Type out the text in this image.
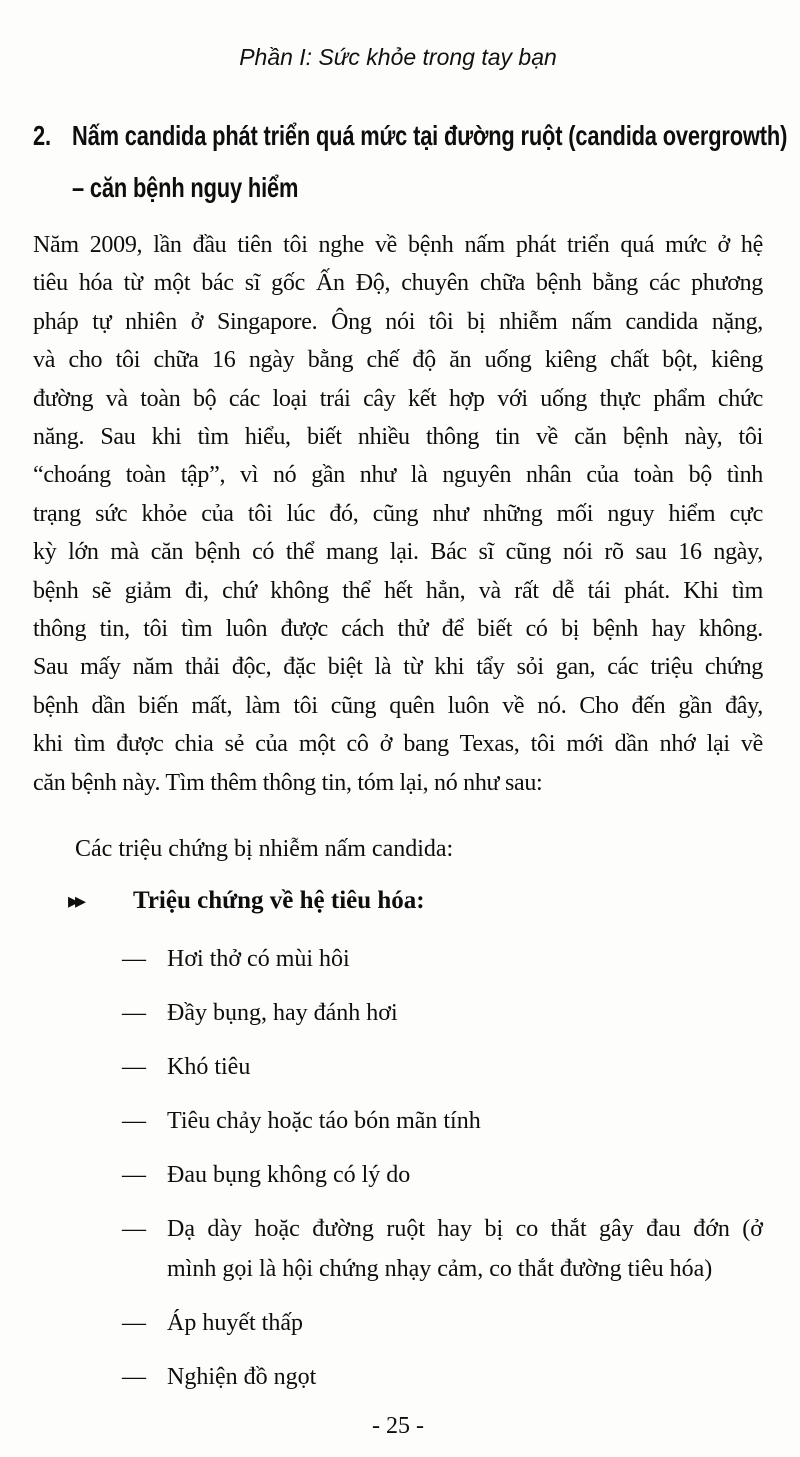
Phần I: Sức khỏe trong tay bạn
2. Nấm candida phát triển quá mức tại đường ruột (candida overgrowth)
– căn bệnh nguy hiểm
Năm 2009, lần đầu tiên tôi nghe về bệnh nấm phát triển quá mức ở hệ
tiêu hóa từ một bác sĩ gốc Ấn Độ, chuyên chữa bệnh bằng các phương
pháp tự nhiên ở Singapore. Ông nói tôi bị nhiễm nấm candida nặng,
và cho tôi chữa 16 ngày bằng chế độ ăn uống kiêng chất bột, kiêng
đường và toàn bộ các loại trái cây kết hợp với uống thực phẩm chức
năng. Sau khi tìm hiểu, biết nhiều thông tin về căn bệnh này, tôi
“choáng toàn tập”, vì nó gần như là nguyên nhân của toàn bộ tình
trạng sức khỏe của tôi lúc đó, cũng như những mối nguy hiểm cực
kỳ lớn mà căn bệnh có thể mang lại. Bác sĩ cũng nói rõ sau 16 ngày,
bệnh sẽ giảm đi, chứ không thể hết hẳn, và rất dễ tái phát. Khi tìm
thông tin, tôi tìm luôn được cách thử để biết có bị bệnh hay không.
Sau mấy năm thải độc, đặc biệt là từ khi tẩy sỏi gan, các triệu chứng
bệnh dần biến mất, làm tôi cũng quên luôn về nó. Cho đến gần đây,
khi tìm được chia sẻ của một cô ở bang Texas, tôi mới dần nhớ lại về
căn bệnh này. Tìm thêm thông tin, tóm lại, nó như sau:
Các triệu chứng bị nhiễm nấm candida:
▸▸	Triệu chứng về hệ tiêu hóa:
— Hơi thở có mùi hôi
— Đầy bụng, hay đánh hơi
— Khó tiêu
— Tiêu chảy hoặc táo bón mãn tính
— Đau bụng không có lý do
— Dạ dày hoặc đường ruột hay bị co thắt gây đau đớn (ở
mình gọi là hội chứng nhạy cảm, co thắt đường tiêu hóa)
— Áp huyết thấp
— Nghiện đồ ngọt
- 25 -
